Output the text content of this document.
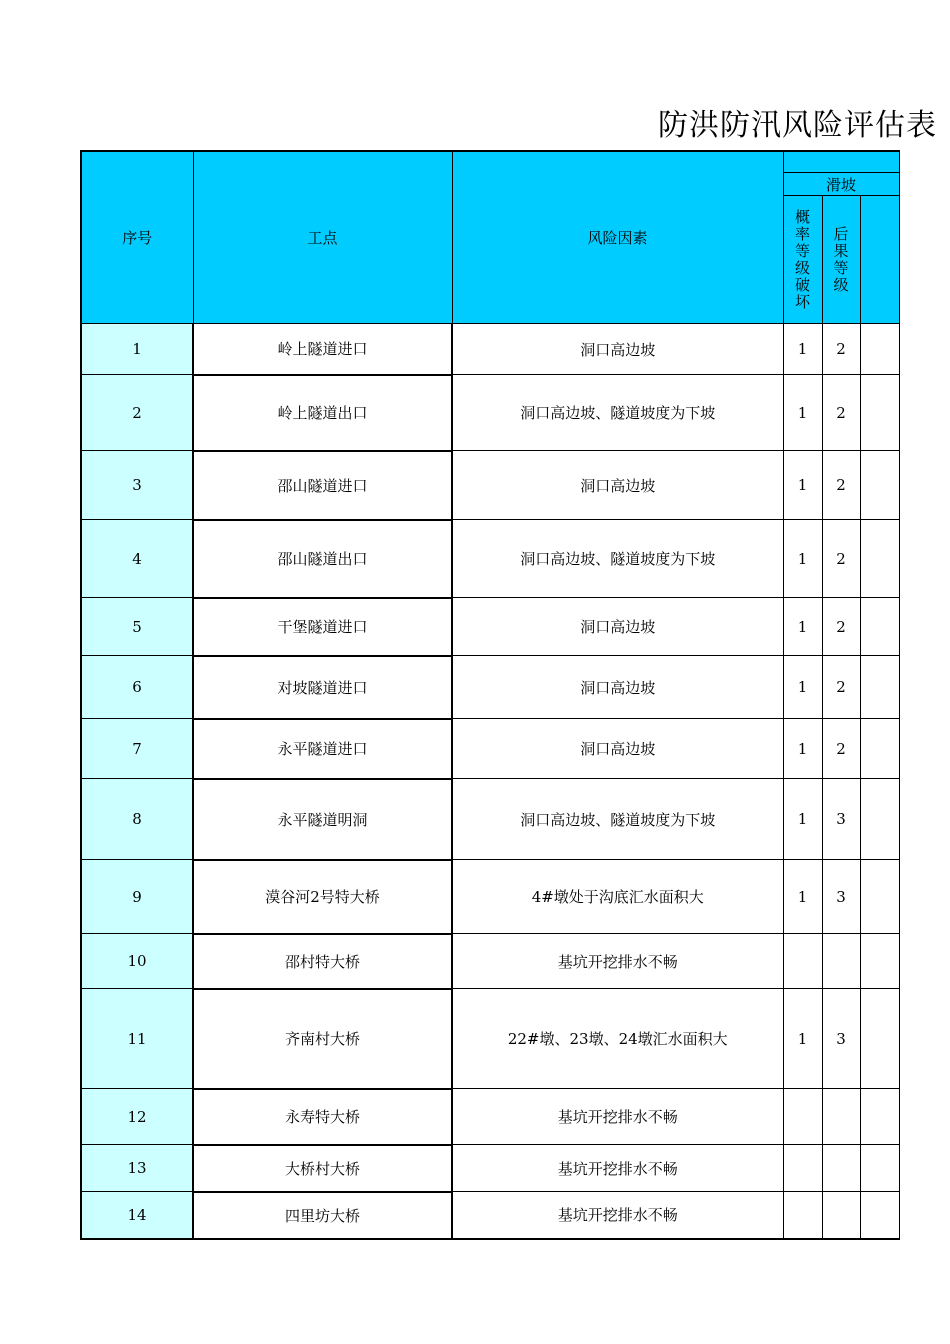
防洪防汛风险评估表
序号	工点	风险因素			
			滑坡		
			概率等级破坏	后果等级	
1	岭上隧道进口	洞口高边坡	1	2	
2	岭上隧道出口	洞口高边坡、隧道坡度为下坡	1	2	
3	邵山隧道进口	洞口高边坡	1	2	
4	邵山隧道出口	洞口高边坡、隧道坡度为下坡	1	2	
5	干堡隧道进口	洞口高边坡	1	2	
6	对坡隧道进口	洞口高边坡	1	2	
7	永平隧道进口	洞口高边坡	1	2	
8	永平隧道明洞	洞口高边坡、隧道坡度为下坡	1	3	
9	漠谷河2号特大桥	4#墩处于沟底汇水面积大	1	3	
10	邵村特大桥	基坑开挖排水不畅			
11	齐南村大桥	22#墩、23墩、24墩汇水面积大	1	3	
12	永寿特大桥	基坑开挖排水不畅			
13	大桥村大桥	基坑开挖排水不畅			
14	四里坊大桥	基坑开挖排水不畅			
